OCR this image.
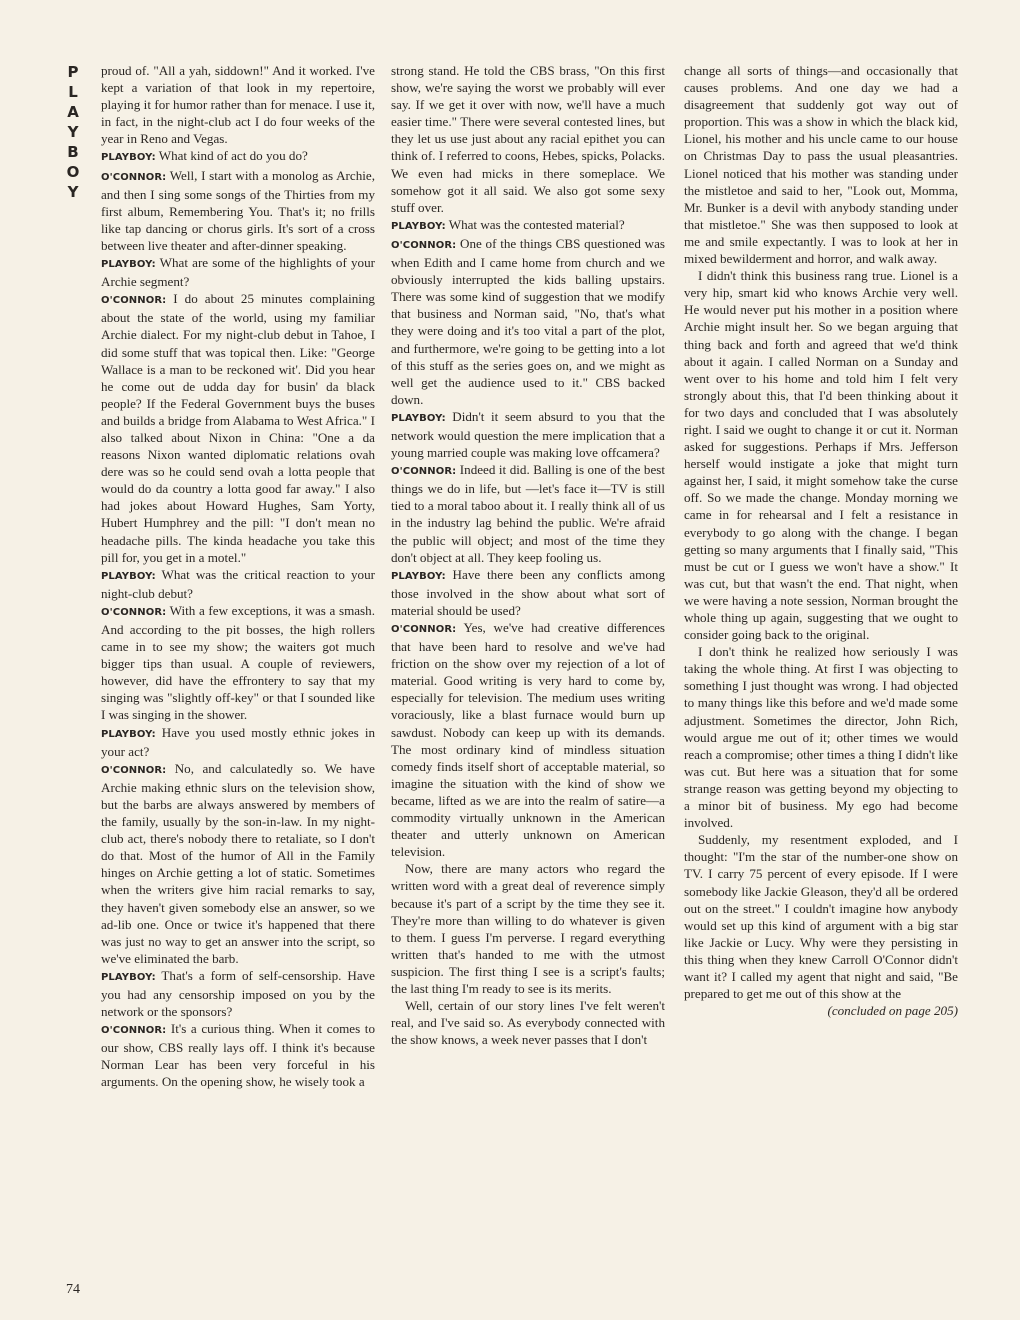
P
L
A
Y
B
O
Y

proud of. "All a yah, siddown!" And it worked. I've kept a variation of that look in my repertoire, playing it for humor rather than for menace. I use it, in fact, in the night-club act I do four weeks of the year in Reno and Vegas.

PLAYBOY: What kind of act do you do?

O'CONNOR: Well, I start with a monolog as Archie, and then I sing some songs of the Thirties from my first album, Remembering You. That's it; no frills like tap dancing or chorus girls. It's sort of a cross between live theater and after-dinner speaking.

PLAYBOY: What are some of the highlights of your Archie segment?

O'CONNOR: I do about 25 minutes complaining about the state of the world, using my familiar Archie dialect. For my night-club debut in Tahoe, I did some stuff that was topical then. Like: "George Wallace is a man to be reckoned wit'. Did you hear he come out de udda day for busin' da black people? If the Federal Government buys the buses and builds a bridge from Alabama to West Africa." I also talked about Nixon in China: "One a da reasons Nixon wanted diplomatic relations ovah dere was so he could send ovah a lotta people that would do da country a lotta good far away." I also had jokes about Howard Hughes, Sam Yorty, Hubert Humphrey and the pill: "I don't mean no headache pills. The kinda headache you take this pill for, you get in a motel."

PLAYBOY: What was the critical reaction to your night-club debut?

O'CONNOR: With a few exceptions, it was a smash. And according to the pit bosses, the high rollers came in to see my show; the waiters got much bigger tips than usual. A couple of reviewers, however, did have the effrontery to say that my singing was "slightly off-key" or that I sounded like I was singing in the shower.

PLAYBOY: Have you used mostly ethnic jokes in your act?

O'CONNOR: No, and calculatedly so. We have Archie making ethnic slurs on the television show, but the barbs are always answered by members of the family, usually by the son-in-law. In my night-club act, there's nobody there to retaliate, so I don't do that. Most of the humor of All in the Family hinges on Archie getting a lot of static. Sometimes when the writers give him racial remarks to say, they haven't given somebody else an answer, so we ad-lib one. Once or twice it's happened that there was just no way to get an answer into the script, so we've eliminated the barb.

PLAYBOY: That's a form of self-censorship. Have you had any censorship imposed on you by the network or the sponsors?

O'CONNOR: It's a curious thing. When it comes to our show, CBS really lays off. I think it's because Norman Lear has been very forceful in his arguments. On the opening show, he wisely took a

strong stand. He told the CBS brass, "On this first show, we're saying the worst we probably will ever say. If we get it over with now, we'll have a much easier time." There were several contested lines, but they let us use just about any racial epithet you can think of. I referred to coons, Hebes, spicks, Polacks. We even had micks in there someplace. We somehow got it all said. We also got some sexy stuff over.

PLAYBOY: What was the contested material?

O'CONNOR: One of the things CBS questioned was when Edith and I came home from church and we obviously interrupted the kids balling upstairs. There was some kind of suggestion that we modify that business and Norman said, "No, that's what they were doing and it's too vital a part of the plot, and furthermore, we're going to be getting into a lot of this stuff as the series goes on, and we might as well get the audience used to it." CBS backed down.

PLAYBOY: Didn't it seem absurd to you that the network would question the mere implication that a young married couple was making love offcamera?

O'CONNOR: Indeed it did. Balling is one of the best things we do in life, but —let's face it—TV is still tied to a moral taboo about it. I really think all of us in the industry lag behind the public. We're afraid the public will object; and most of the time they don't object at all. They keep fooling us.

PLAYBOY: Have there been any conflicts among those involved in the show about what sort of material should be used?

O'CONNOR: Yes, we've had creative differences that have been hard to resolve and we've had friction on the show over my rejection of a lot of material. Good writing is very hard to come by, especially for television. The medium uses writing voraciously, like a blast furnace would burn up sawdust. Nobody can keep up with its demands. The most ordinary kind of mindless situation comedy finds itself short of acceptable material, so imagine the situation with the kind of show we became, lifted as we are into the realm of satire—a commodity virtually unknown in the American theater and utterly unknown on American television.

Now, there are many actors who regard the written word with a great deal of reverence simply because it's part of a script by the time they see it. They're more than willing to do whatever is given to them. I guess I'm perverse. I regard everything written that's handed to me with the utmost suspicion. The first thing I see is a script's faults; the last thing I'm ready to see is its merits.

Well, certain of our story lines I've felt weren't real, and I've said so. As everybody connected with the show knows, a week never passes that I don't

change all sorts of things—and occasionally that causes problems. And one day we had a disagreement that suddenly got way out of proportion. This was a show in which the black kid, Lionel, his mother and his uncle came to our house on Christmas Day to pass the usual pleasantries. Lionel noticed that his mother was standing under the mistletoe and said to her, "Look out, Momma, Mr. Bunker is a devil with anybody standing under that mistletoe." She was then supposed to look at me and smile expectantly. I was to look at her in mixed bewilderment and horror, and walk away.

I didn't think this business rang true. Lionel is a very hip, smart kid who knows Archie very well. He would never put his mother in a position where Archie might insult her. So we began arguing that thing back and forth and agreed that we'd think about it again. I called Norman on a Sunday and went over to his home and told him I felt very strongly about this, that I'd been thinking about it for two days and concluded that I was absolutely right. I said we ought to change it or cut it. Norman asked for suggestions. Perhaps if Mrs. Jefferson herself would instigate a joke that might turn against her, I said, it might somehow take the curse off. So we made the change. Monday morning we came in for rehearsal and I felt a resistance in everybody to go along with the change. I began getting so many arguments that I finally said, "This must be cut or I guess we won't have a show." It was cut, but that wasn't the end. That night, when we were having a note session, Norman brought the whole thing up again, suggesting that we ought to consider going back to the original.

I don't think he realized how seriously I was taking the whole thing. At first I was objecting to something I just thought was wrong. I had objected to many things like this before and we'd made some adjustment. Sometimes the director, John Rich, would argue me out of it; other times we would reach a compromise; other times a thing I didn't like was cut. But here was a situation that for some strange reason was getting beyond my objecting to a minor bit of business. My ego had become involved.

Suddenly, my resentment exploded, and I thought: "I'm the star of the number-one show on TV. I carry 75 percent of every episode. If I were somebody like Jackie Gleason, they'd all be ordered out on the street." I couldn't imagine how anybody would set up this kind of argument with a big star like Jackie or Lucy. Why were they persisting in this thing when they knew Carroll O'Connor didn't want it? I called my agent that night and said, "Be prepared to get me out of this show at the

(concluded on page 205)

74
